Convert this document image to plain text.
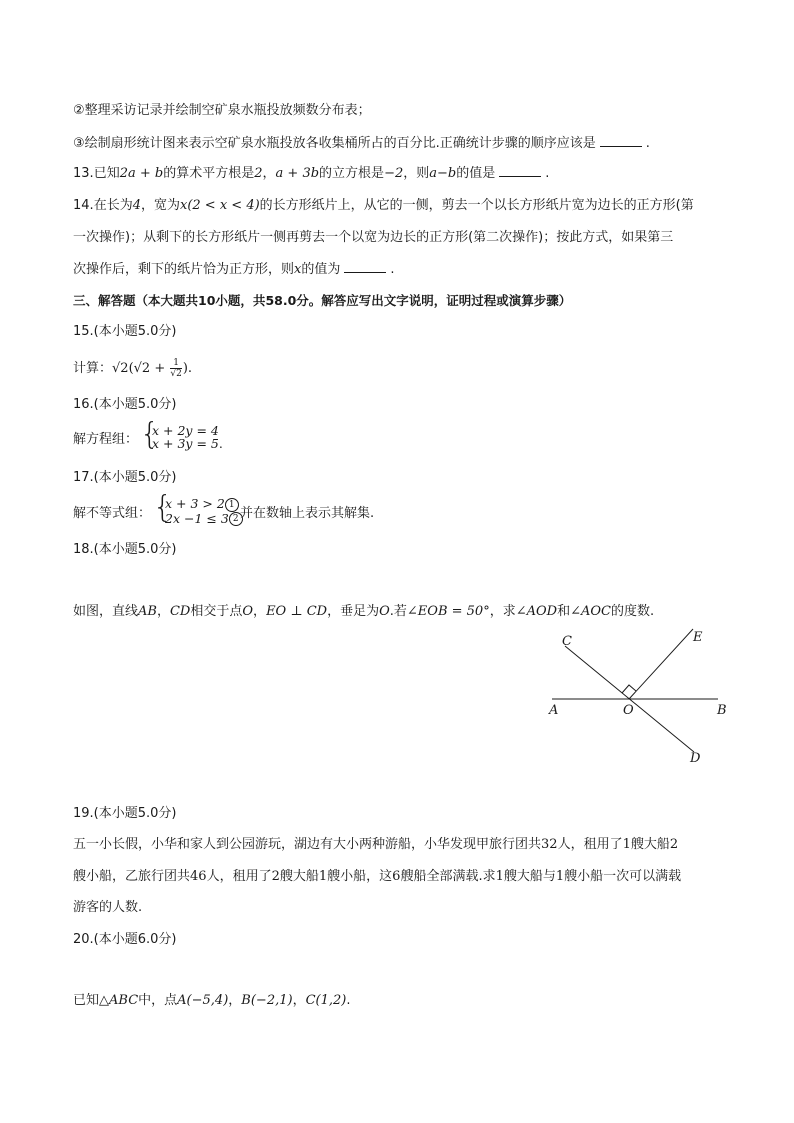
②整理采访记录并绘制空矿泉水瓶投放频数分布表；
③绘制扇形统计图来表示空矿泉水瓶投放各收集桶所占的百分比.正确统计步骤的顺序应该是	.
13.已知2a + b的算术平方根是2，a + 3b的立方根是−2，则a−b的值是	.
14.在长为4，宽为x(2 < x < 4)的长方形纸片上，从它的一侧，剪去一个以长方形纸片宽为边长的正方形(第
一次操作)；从剩下的长方形纸片一侧再剪去一个以宽为边长的正方形(第二次操作)；按此方式，如果第三
次操作后，剩下的纸片恰为正方形，则x的值为	.
三、解答题（本大题共10小题，共58.0分。解答应写出文字说明，证明过程或演算步骤）
15.(本小题5.0分)
计算：$√2(√2 + \frac{1}{√2}$ ).
16.(本小题5.0分)
解方程组： {
x + 2y = 4
x + 3y = 5.
17.(本小题5.0分)
解不等式组： {
x + 3 > 2 1
2x −1 ≤ 3 2 并在数轴上表示其解集.
18.(本小题5.0分)
如图，直线AB，CD相交于点O，EO ⊥ CD，垂足为O.若∠EOB = 50°，求∠AOD和∠AOC的度数.
C	E
A	O	B
D
19.(本小题5.0分)
五一小长假，小华和家人到公园游玩，湖边有大小两种游船，小华发现甲旅行团共32人，租用了1艘大船2
艘小船，乙旅行团共46人，租用了2艘大船1艘小船，这6艘船全部满载.求1艘大船与1艘小船一次可以满载
游客的人数.
20.(本小题6.0分)
已知△ABC中，点A(−5,4)，B(−2,1)，C(1,2).
